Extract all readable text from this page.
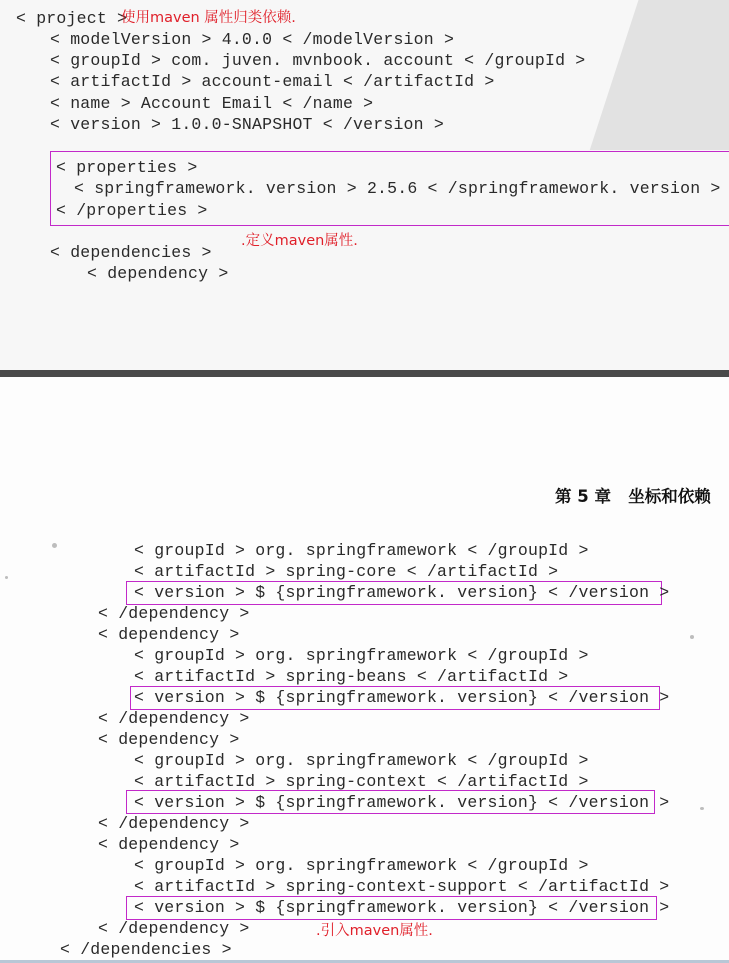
< project >
使用maven 属性归类依赖.
< modelVersion > 4.0.0 < /modelVersion >
< groupId > com. juven. mvnbook. account < /groupId >
< artifactId > account-email < /artifactId >
< name > Account Email < /name >
< version > 1.0.0-SNAPSHOT < /version >
< properties >
< springframework. version > 2.5.6 < /springframework. version >
< /properties >
.定义maven属性.
< dependencies >
< dependency >
第 5 章   坐标和依赖
< groupId > org. springframework < /groupId >
< artifactId > spring-core < /artifactId >
< version > $ {springframework. version} < /version >
< /dependency >
< dependency >
< groupId > org. springframework < /groupId >
< artifactId > spring-beans < /artifactId >
< version > $ {springframework. version} < /version >
< /dependency >
< dependency >
< groupId > org. springframework < /groupId >
< artifactId > spring-context < /artifactId >
< version > $ {springframework. version} < /version >
< /dependency >
< dependency >
< groupId > org. springframework < /groupId >
< artifactId > spring-context-support < /artifactId >
< version > $ {springframework. version} < /version >
< /dependency >	.引入maven属性.
< /dependencies >
